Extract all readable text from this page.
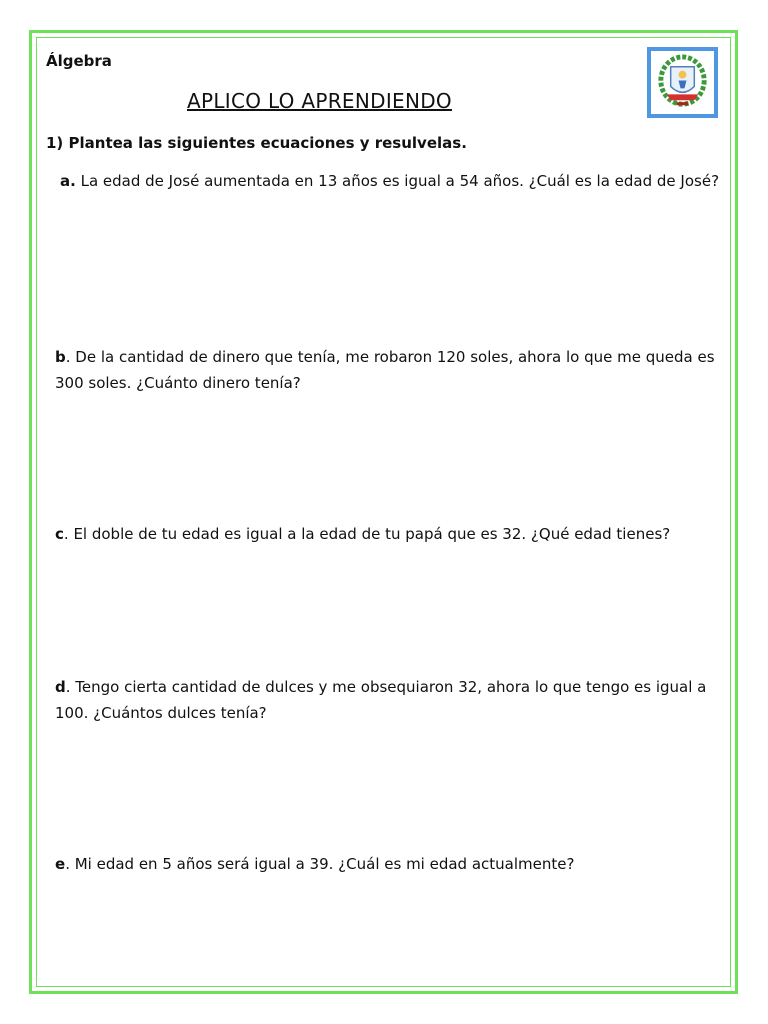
Álgebra
APLICO LO APRENDIENDO
1) Plantea las siguientes ecuaciones y resulvelas.
a. La edad de José aumentada en 13 años es igual a 54 años. ¿Cuál es la edad de José?
b. De la cantidad de dinero que tenía, me robaron 120 soles, ahora lo que me queda es 300 soles. ¿Cuánto dinero tenía?
c. El doble de tu edad es igual a la edad de tu papá que es 32. ¿Qué edad tienes?
d. Tengo cierta cantidad de dulces y me obsequiaron 32, ahora lo que tengo es igual a 100. ¿Cuántos dulces tenía?
e. Mi edad en 5 años será igual a 39. ¿Cuál es mi edad actualmente?
